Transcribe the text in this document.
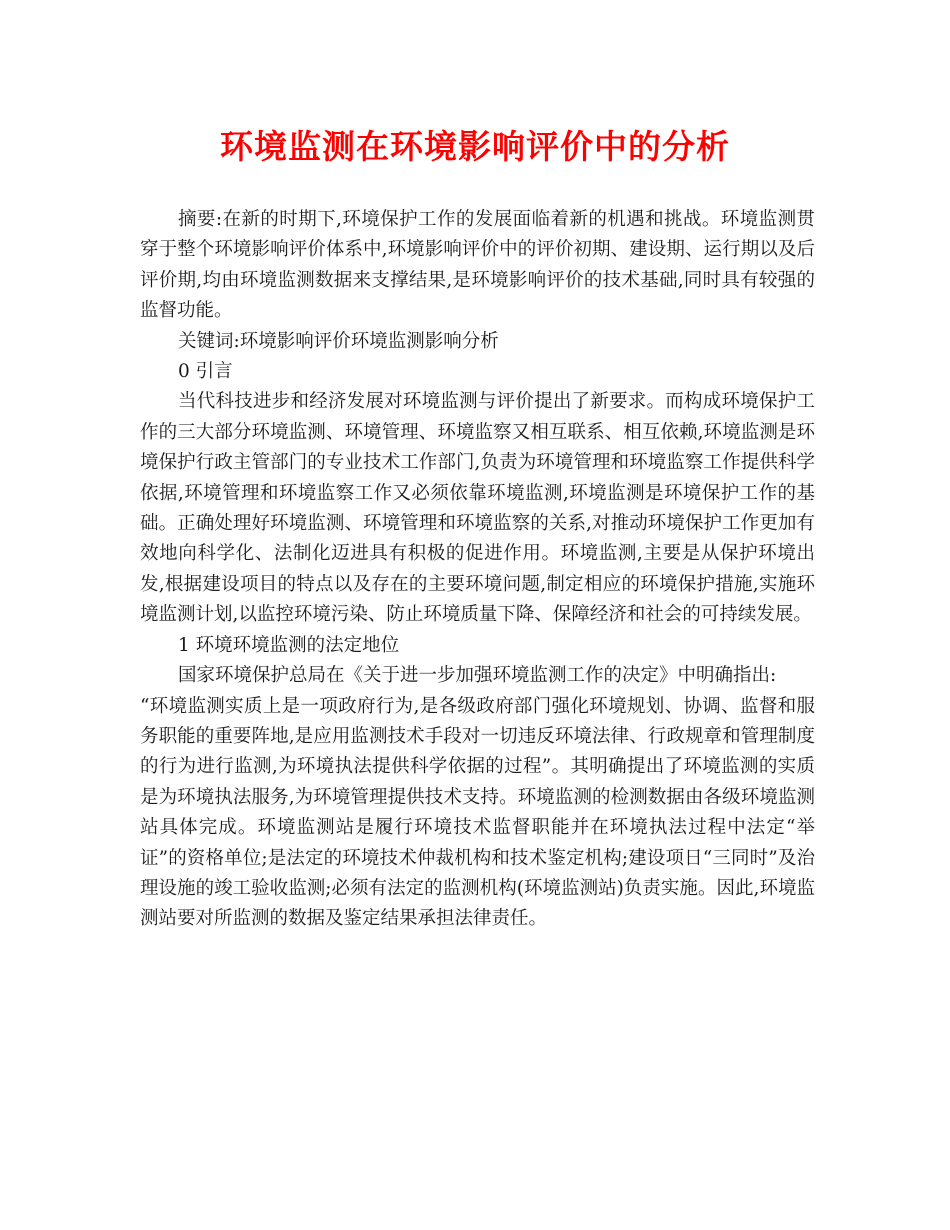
环境监测在环境影响评价中的分析

摘要:在新的时期下,环境保护工作的发展面临着新的机遇和挑战。环境监测贯穿于整个环境影响评价体系中,环境影响评价中的评价初期、建设期、运行期以及后评价期,均由环境监测数据来支撑结果,是环境影响评价的技术基础,同时具有较强的监督功能。

关键词:环境影响评价环境监测影响分析

0 引言

当代科技进步和经济发展对环境监测与评价提出了新要求。而构成环境保护工作的三大部分环境监测、环境管理、环境监察又相互联系、相互依赖,环境监测是环境保护行政主管部门的专业技术工作部门,负责为环境管理和环境监察工作提供科学依据,环境管理和环境监察工作又必须依靠环境监测,环境监测是环境保护工作的基础。正确处理好环境监测、环境管理和环境监察的关系,对推动环境保护工作更加有效地向科学化、法制化迈进具有积极的促进作用。环境监测,主要是从保护环境出发,根据建设项目的特点以及存在的主要环境问题,制定相应的环境保护措施,实施环境监测计划,以监控环境污染、防止环境质量下降、保障经济和社会的可持续发展。

1 环境环境监测的法定地位

国家环境保护总局在《关于进一步加强环境监测工作的决定》中明确指出:

“环境监测实质上是一项政府行为,是各级政府部门强化环境规划、协调、监督和服务职能的重要阵地,是应用监测技术手段对一切违反环境法律、行政规章和管理制度的行为进行监测,为环境执法提供科学依据的过程”。其明确提出了环境监测的实质是为环境执法服务,为环境管理提供技术支持。环境监测的检测数据由各级环境监测站具体完成。环境监测站是履行环境技术监督职能并在环境执法过程中法定“举证”的资格单位;是法定的环境技术仲裁机构和技术鉴定机构;建设项日“三同时”及治理设施的竣工验收监测;必须有法定的监测机构(环境监测站)负责实施。因此,环境监测站要对所监测的数据及鉴定结果承担法律责任。
